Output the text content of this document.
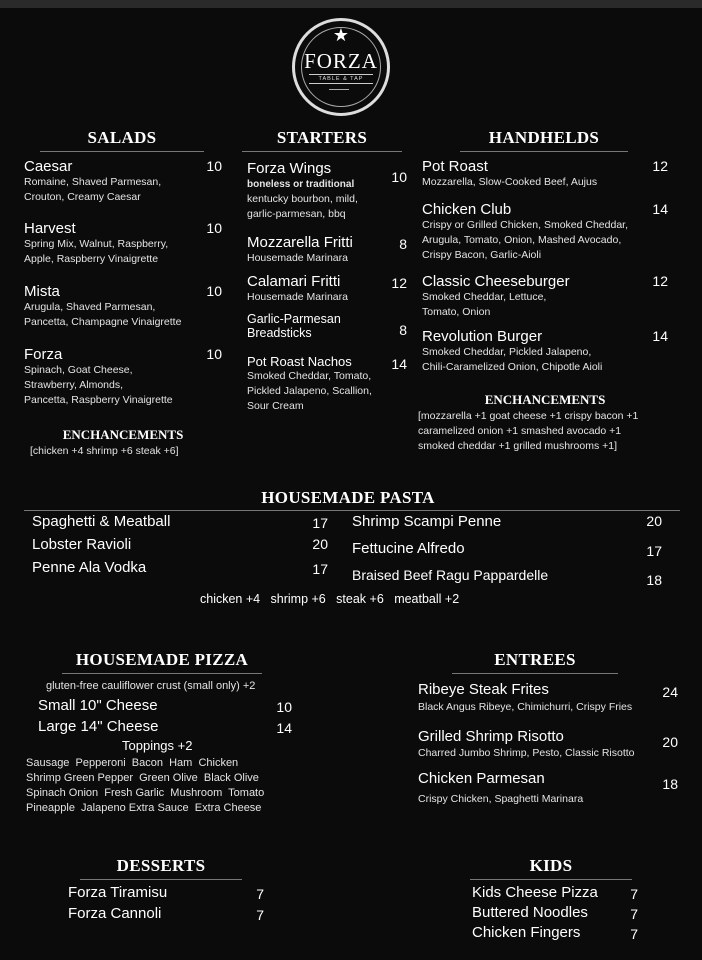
★
FORZA
TABLE & TAP
SALADS
Caesar	10
Romaine, Shaved Parmesan,
Crouton, Creamy Caesar
Harvest	10
Spring Mix, Walnut, Raspberry,
Apple, Raspberry Vinaigrette
Mista	10
Arugula, Shaved Parmesan,
Pancetta, Champagne Vinaigrette
Forza	10
Spinach, Goat Cheese,
Strawberry, Almonds,
Pancetta, Raspberry Vinaigrette
ENCHANCEMENTS
[chicken +4 shrimp +6 steak +6]
STARTERS
Forza Wings	10
boneless or traditional
kentucky bourbon, mild,
garlic-parmesan, bbq
Mozzarella Fritti	8
Housemade Marinara
Calamari Fritti	12
Housemade Marinara
Garlic-Parmesan
Breadsticks	8
Pot Roast Nachos	14
Smoked Cheddar, Tomato,
Pickled Jalapeno, Scallion,
Sour Cream
HANDHELDS
Pot Roast	12
Mozzarella, Slow-Cooked Beef, Aujus
Chicken Club	14
Crispy or Grilled Chicken, Smoked Cheddar,
Arugula, Tomato, Onion, Mashed Avocado,
Crispy Bacon, Garlic-Aioli
Classic Cheeseburger	12
Smoked Cheddar, Lettuce,
Tomato, Onion
Revolution Burger	14
Smoked Cheddar, Pickled Jalapeno,
Chili-Caramelized Onion, Chipotle Aioli
ENCHANCEMENTS
[mozzarella +1 goat cheese +1 crispy bacon +1
caramelized onion +1 smashed avocado +1
smoked cheddar +1 grilled mushrooms +1]
HOUSEMADE PASTA
Spaghetti & Meatball	17
Lobster Ravioli	20
Penne Ala Vodka	17
Shrimp Scampi Penne	20
Fettucine Alfredo	17
Braised Beef Ragu Pappardelle	18
chicken +4   shrimp +6   steak +6   meatball +2
HOUSEMADE PIZZA
gluten-free cauliflower crust (small only) +2
Small 10" Cheese	10
Large 14" Cheese	14
Toppings +2
Sausage  Pepperoni  Bacon  Ham  Chicken
Shrimp Green Pepper  Green Olive  Black Olive
Spinach Onion  Fresh Garlic  Mushroom  Tomato
Pineapple  Jalapeno Extra Sauce  Extra Cheese
ENTREES
Ribeye Steak Frites	24
Black Angus Ribeye, Chimichurri, Crispy Fries
Grilled Shrimp Risotto	20
Charred Jumbo Shrimp, Pesto, Classic Risotto
Chicken Parmesan	18
Crispy Chicken, Spaghetti Marinara
DESSERTS
Forza Tiramisu	7
Forza Cannoli	7
KIDS
Kids Cheese Pizza	7
Buttered Noodles	7
Chicken Fingers	7
